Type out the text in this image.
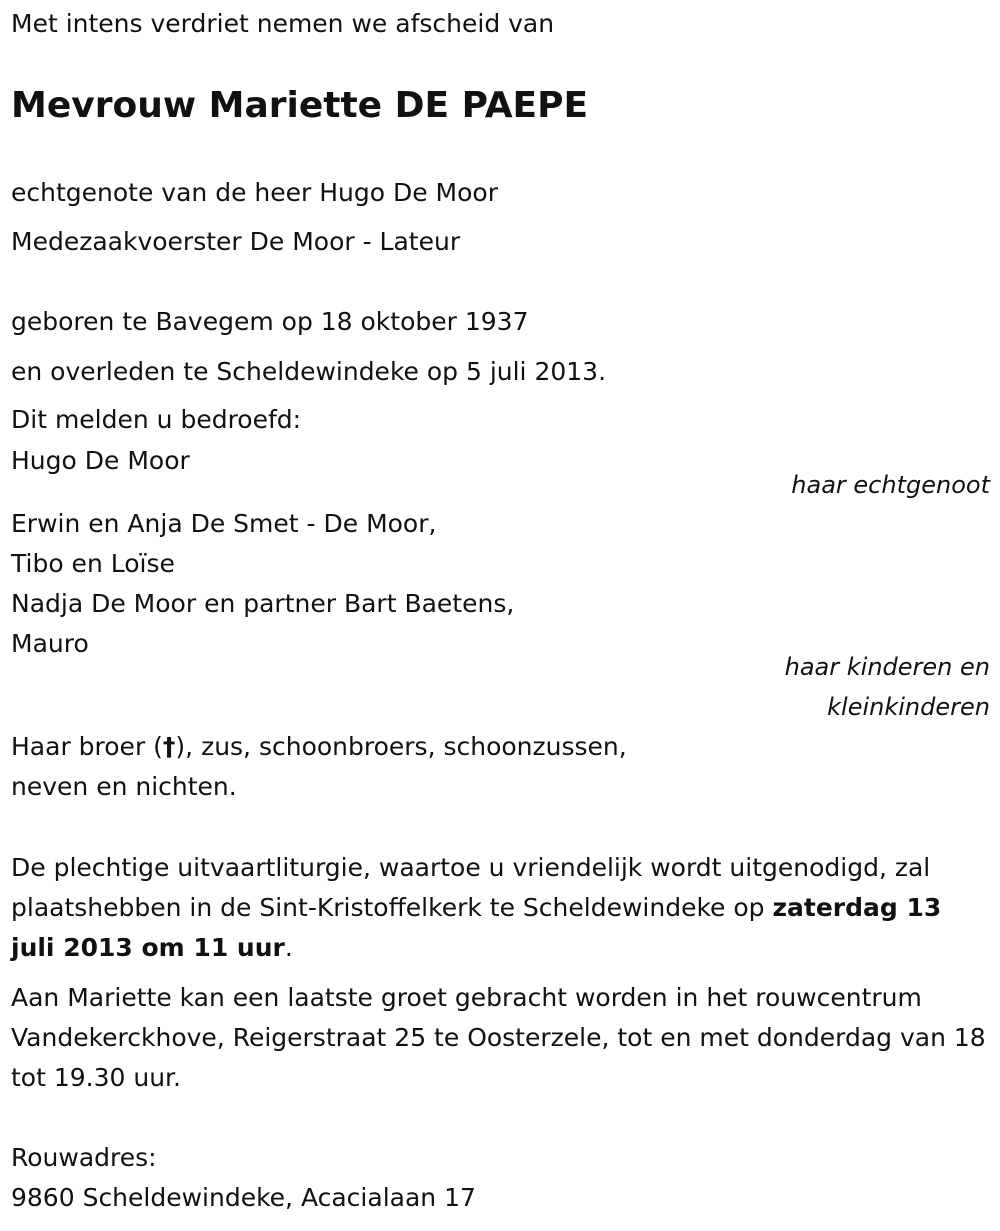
Met intens verdriet nemen we afscheid van

Mevrouw Mariette DE PAEPE

echtgenote van de heer Hugo De Moor

Medezaakvoerster De Moor - Lateur

geboren te Bavegem op 18 oktober 1937

en overleden te Scheldewindeke op 5 juli 2013.

Dit melden u bedroefd:

Hugo De Moor

haar echtgenoot

Erwin en Anja De Smet - De Moor,

Tibo en Loïse

Nadja De Moor en partner Bart Baetens,

Mauro

haar kinderen en

kleinkinderen

Haar broer (†), zus, schoonbroers, schoonzussen,

neven en nichten.

De plechtige uitvaartliturgie, waartoe u vriendelijk wordt uitgenodigd, zal plaatshebben in de Sint-Kristoffelkerk te Scheldewindeke op zaterdag 13 juli 2013 om 11 uur.

Aan Mariette kan een laatste groet gebracht worden in het rouwcentrum Vandekerckhove, Reigerstraat 25 te Oosterzele, tot en met donderdag van 18 tot 19.30 uur.

Rouwadres:

9860 Scheldewindeke, Acacialaan 17
